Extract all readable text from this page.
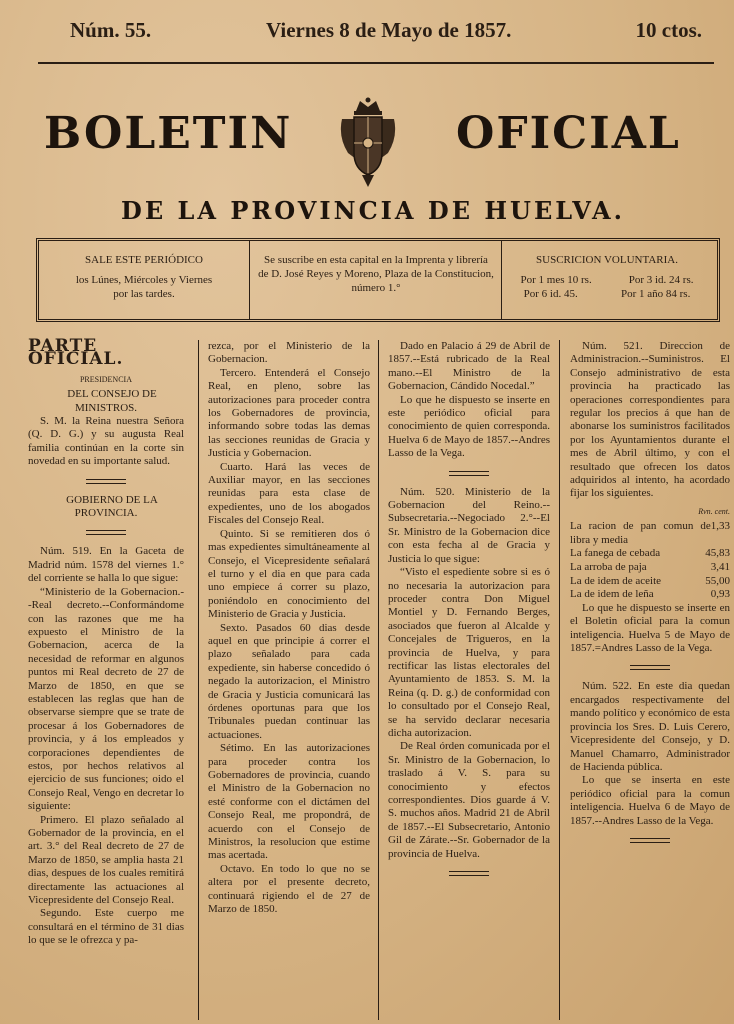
Núm. 55.	Viernes 8 de Mayo de 1857.	10 ctos.
BOLETIN	OFICIAL
DE LA PROVINCIA DE HUELVA.
SALE ESTE PERIÓDICO
los Lúnes, Miércoles y Viernes por las tardes.
Se suscribe en esta capital en la Imprenta y librería de D. José Reyes y Moreno, Plaza de la Constitucion, número 1.°
SUSCRICION VOLUNTARIA.
Por 1 mes 10 rs.	Por 3 id. 24 rs.
Por 6 id. 45.	Por 1 año 84 rs.
PARTE OFICIAL.
PRESIDENCIA

DEL CONSEJO DE MINISTROS.

S. M. la Reina nuestra Señora (Q. D. G.) y su augusta Real familia continúan en la corte sin novedad en su importante salud.

GOBIERNO DE LA PROVINCIA.

Núm. 519. En la Gaceta de Madrid núm. 1578 del viernes 1.° del corriente se halla lo que sigue:

“Ministerio de la Gobernacion.--Real decreto.--Conformándome con las razones que me ha expuesto el Ministro de la Gobernacion, acerca de la necesidad de reformar en algunos puntos mi Real decreto de 27 de Marzo de 1850, en que se establecen las reglas que han de observarse siempre que se trate de procesar á los Gobernadores de provincia, y á los empleados y corporaciones dependientes de estos, por hechos relativos al ejercicio de sus funciones; oido el Consejo Real, Vengo en decretar lo siguiente:

Primero. El plazo señalado al Gobernador de la provincia, en el art. 3.° del Real decreto de 27 de Marzo de 1850, se amplia hasta 21 dias, despues de los cuales remitirá directamente las actuaciones al Vicepresidente del Consejo Real.

Segundo. Este cuerpo me consultará en el término de 31 dias lo que se le ofrezca y pa-

rezca, por el Ministerio de la Gobernacion.

Tercero. Entenderá el Consejo Real, en pleno, sobre las autorizaciones para proceder contra los Gobernadores de provincia, informando sobre todas las demas las secciones reunidas de Gracia y Justicia y Gobernacion.

Cuarto. Hará las veces de Auxiliar mayor, en las secciones reunidas para esta clase de expedientes, uno de los abogados Fiscales del Consejo Real.

Quinto. Si se remitieren dos ó mas expedientes simultáneamente al Consejo, el Vicepresidente señalará el turno y el dia en que para cada uno empiece á correr su plazo, poniéndolo en conocimiento del Ministerio de Gracia y Justicia.

Sexto. Pasados 60 dias desde aquel en que principie á correr el plazo señalado para cada expediente, sin haberse concedido ó negado la autorizacion, el Ministro de Gracia y Justicia comunicará las órdenes oportunas para que los Tribunales puedan continuar las actuaciones.

Sétimo. En las autorizaciones para proceder contra los Gobernadores de provincia, cuando el Ministro de la Gobernacion no esté conforme con el dictámen del Consejo Real, me propondrá, de acuerdo con el Consejo de Ministros, la resolucion que estime mas acertada.

Octavo. En todo lo que no se altera por el presente decreto, continuará rigiendo el de 27 de Marzo de 1850.

Dado en Palacio á 29 de Abril de 1857.--Está rubricado de la Real mano.--El Ministro de la Gobernacion, Cándido Nocedal.”

Lo que he dispuesto se inserte en este periódico oficial para conocimiento de quien corresponda. Huelva 6 de Mayo de 1857.--Andres Lasso de la Vega.

Núm. 520. Ministerio de la Gobernacion del Reino.--Subsecretaria.--Negociado 2.°--El Sr. Ministro de la Gobernacion dice con esta fecha al de Gracia y Justicia lo que sigue:

“Visto el espediente sobre si es ó no necesaria la autorizacion para proceder contra Don Miguel Montiel y D. Fernando Berges, asociados que fueron al Alcalde y Concejales de Trigueros, en la provincia de Huelva, y para rectificar las listas electorales del Ayuntamiento de 1853. S. M. la Reina (q. D. g.) de conformidad con lo consultado por el Consejo Real, se ha servido declarar necesaria dicha autorizacion.

De Real órden comunicada por el Sr. Ministro de la Gobernacion, lo traslado á V. S. para su conocimiento y efectos correspondientes. Dios guarde á V. S. muchos años. Madrid 21 de Abril de 1857.--El Subsecretario, Antonio Gil de Zárate.--Sr. Gobernador de la provincia de Huelva.

Núm. 521. Direccion de Administracion.--Suministros. El Consejo administrativo de esta provincia ha practicado las operaciones correspondientes para regular los precios á que han de abonarse los suministros facilitados por los Ayuntamientos durante el mes de Abril último, y con el resultado que ofrecen los datos adquiridos al intento, ha acordado fijar los siguientes.

Rvn. cent.
La racion de pan comun de libra y media
1,33
La fanega de cebada	45,83
La arroba de paja	3,41
La de idem de aceite	55,00
La de idem de leña	0,93

Lo que he dispuesto se inserte en el Boletin oficial para la comun inteligencia. Huelva 5 de Mayo de 1857.=Andres Lasso de la Vega.

Núm. 522. En este dia quedan encargados respectivamente del mando político y económico de esta provincia los Sres. D. Luis Cerero, Vicepresidente del Consejo, y D. Manuel Chamarro, Administrador de Hacienda pública.

Lo que se inserta en este periódico oficial para la comun inteligencia. Huelva 6 de Mayo de 1857.--Andres Lasso de la Vega.
